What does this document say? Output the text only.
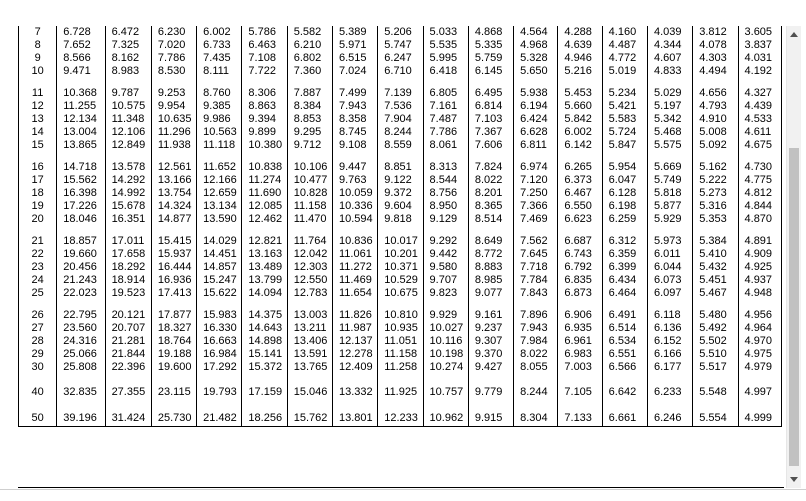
7	6.728	6.472	6.230	6.002	5.786	5.582	5.389	5.206	5.033	4.868	4.564	4.288	4.160	4.039	3.812	3.605
8	7.652	7.325	7.020	6.733	6.463	6.210	5.971	5.747	5.535	5.335	4.968	4.639	4.487	4.344	4.078	3.837
9	8.566	8.162	7.786	7.435	7.108	6.802	6.515	6.247	5.995	5.759	5.328	4.946	4.772	4.607	4.303	4.031
10	9.471	8.983	8.530	8.111	7.722	7.360	7.024	6.710	6.418	6.145	5.650	5.216	5.019	4.833	4.494	4.192

11	10.368	9.787	9.253	8.760	8.306	7.887	7.499	7.139	6.805	6.495	5.938	5.453	5.234	5.029	4.656	4.327
12	11.255	10.575	9.954	9.385	8.863	8.384	7.943	7.536	7.161	6.814	6.194	5.660	5.421	5.197	4.793	4.439
13	12.134	11.348	10.635	9.986	9.394	8.853	8.358	7.904	7.487	7.103	6.424	5.842	5.583	5.342	4.910	4.533
14	13.004	12.106	11.296	10.563	9.899	9.295	8.745	8.244	7.786	7.367	6.628	6.002	5.724	5.468	5.008	4.611
15	13.865	12.849	11.938	11.118	10.380	9.712	9.108	8.559	8.061	7.606	6.811	6.142	5.847	5.575	5.092	4.675

16	14.718	13.578	12.561	11.652	10.838	10.106	9.447	8.851	8.313	7.824	6.974	6.265	5.954	5.669	5.162	4.730
17	15.562	14.292	13.166	12.166	11.274	10.477	9.763	9.122	8.544	8.022	7.120	6.373	6.047	5.749	5.222	4.775
18	16.398	14.992	13.754	12.659	11.690	10.828	10.059	9.372	8.756	8.201	7.250	6.467	6.128	5.818	5.273	4.812
19	17.226	15.678	14.324	13.134	12.085	11.158	10.336	9.604	8.950	8.365	7.366	6.550	6.198	5.877	5.316	4.844
20	18.046	16.351	14.877	13.590	12.462	11.470	10.594	9.818	9.129	8.514	7.469	6.623	6.259	5.929	5.353	4.870

21	18.857	17.011	15.415	14.029	12.821	11.764	10.836	10.017	9.292	8.649	7.562	6.687	6.312	5.973	5.384	4.891
22	19.660	17.658	15.937	14.451	13.163	12.042	11.061	10.201	9.442	8.772	7.645	6.743	6.359	6.011	5.410	4.909
23	20.456	18.292	16.444	14.857	13.489	12.303	11.272	10.371	9.580	8.883	7.718	6.792	6.399	6.044	5.432	4.925
24	21.243	18.914	16.936	15.247	13.799	12.550	11.469	10.529	9.707	8.985	7.784	6.835	6.434	6.073	5.451	4.937
25	22.023	19.523	17.413	15.622	14.094	12.783	11.654	10.675	9.823	9.077	7.843	6.873	6.464	6.097	5.467	4.948

26	22.795	20.121	17.877	15.983	14.375	13.003	11.826	10.810	9.929	9.161	7.896	6.906	6.491	6.118	5.480	4.956
27	23.560	20.707	18.327	16.330	14.643	13.211	11.987	10.935	10.027	9.237	7.943	6.935	6.514	6.136	5.492	4.964
28	24.316	21.281	18.764	16.663	14.898	13.406	12.137	11.051	10.116	9.307	7.984	6.961	6.534	6.152	5.502	4.970
29	25.066	21.844	19.188	16.984	15.141	13.591	12.278	11.158	10.198	9.370	8.022	6.983	6.551	6.166	5.510	4.975
30	25.808	22.396	19.600	17.292	15.372	13.765	12.409	11.258	10.274	9.427	8.055	7.003	6.566	6.177	5.517	4.979

40	32.835	27.355	23.115	19.793	17.159	15.046	13.332	11.925	10.757	9.779	8.244	7.105	6.642	6.233	5.548	4.997

50	39.196	31.424	25.730	21.482	18.256	15.762	13.801	12.233	10.962	9.915	8.304	7.133	6.661	6.246	5.554	4.999
